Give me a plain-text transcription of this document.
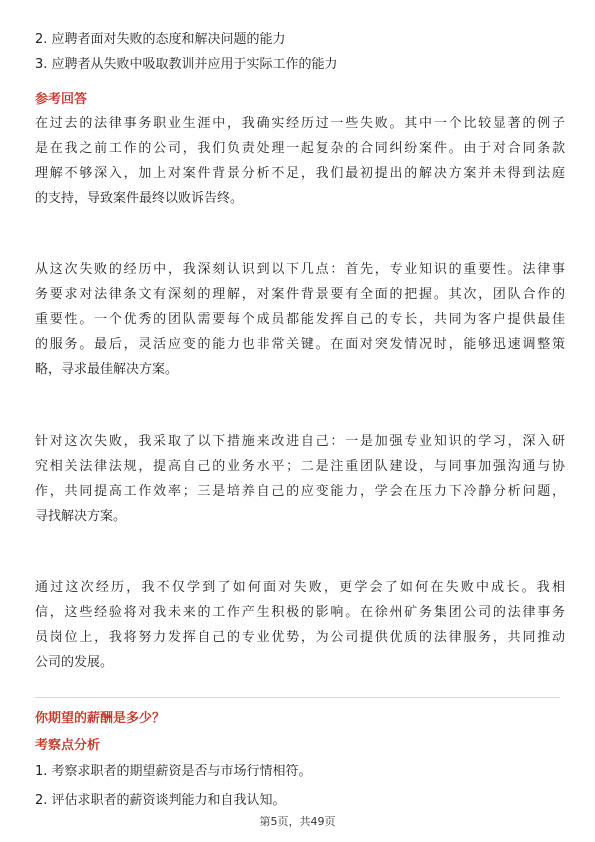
2. 应聘者面对失败的态度和解决问题的能力
3. 应聘者从失败中吸取教训并应用于实际工作的能力
参考回答
在过去的法律事务职业生涯中，我确实经历过一些失败。其中一个比较显著的例子
是在我之前工作的公司，我们负责处理一起复杂的合同纠纷案件。由于对合同条款
理解不够深入，加上对案件背景分析不足，我们最初提出的解决方案并未得到法庭
的支持，导致案件最终以败诉告终。
从这次失败的经历中，我深刻认识到以下几点：首先，专业知识的重要性。法律事
务要求对法律条文有深刻的理解，对案件背景要有全面的把握。其次，团队合作的
重要性。一个优秀的团队需要每个成员都能发挥自己的专长，共同为客户提供最佳
的服务。最后，灵活应变的能力也非常关键。在面对突发情况时，能够迅速调整策
略，寻求最佳解决方案。
针对这次失败，我采取了以下措施来改进自己：一是加强专业知识的学习，深入研
究相关法律法规，提高自己的业务水平；二是注重团队建设，与同事加强沟通与协
作，共同提高工作效率；三是培养自己的应变能力，学会在压力下冷静分析问题，
寻找解决方案。
通过这次经历，我不仅学到了如何面对失败，更学会了如何在失败中成长。我相
信，这些经验将对我未来的工作产生积极的影响。在徐州矿务集团公司的法律事务
员岗位上，我将努力发挥自己的专业优势，为公司提供优质的法律服务，共同推动
公司的发展。
你期望的薪酬是多少？
考察点分析
1. 考察求职者的期望薪资是否与市场行情相符。
2. 评估求职者的薪资谈判能力和自我认知。
第5页，共49页
